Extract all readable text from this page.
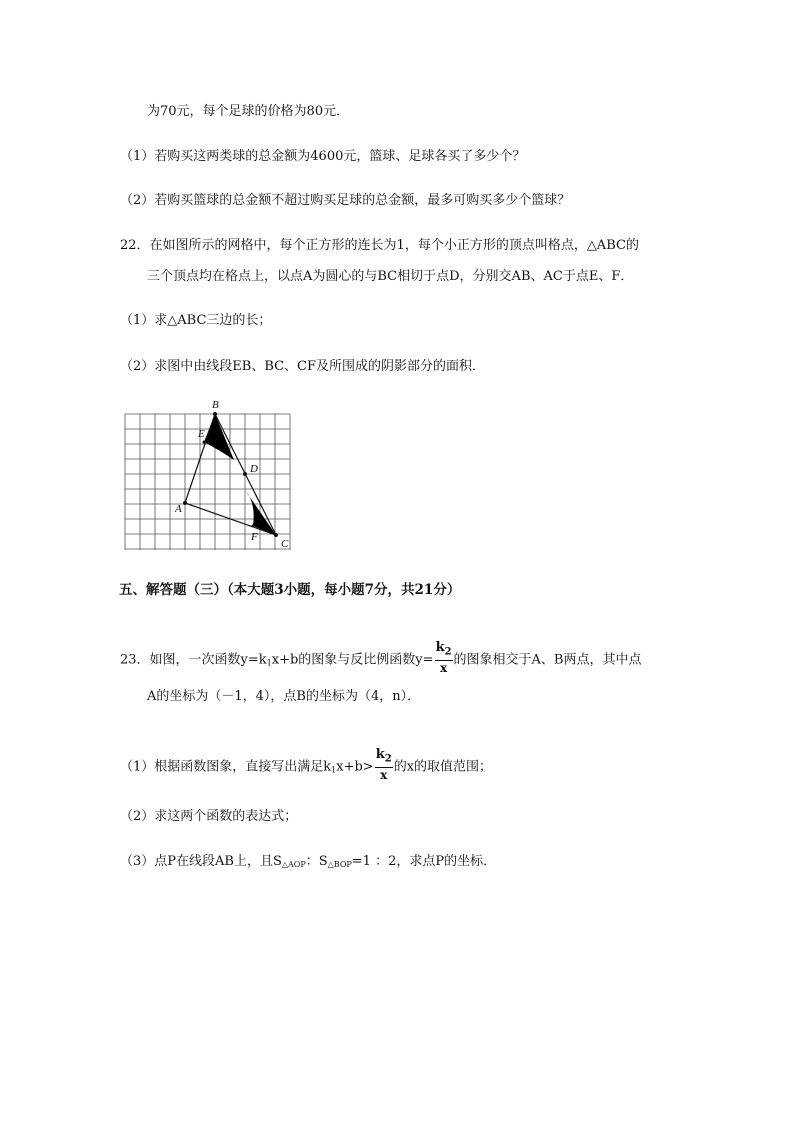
为70元，每个足球的价格为80元．
（1）若购买这两类球的总金额为4600元，篮球、足球各买了多少个？
（2）若购买篮球的总金额不超过购买足球的总金额，最多可购买多少个篮球？
22．在如图所示的网格中，每个正方形的连长为1，每个小正方形的顶点叫格点，△ABC的
三个顶点均在格点上，以点A为圆心的与BC相切于点D，分别交AB、AC于点E、F．
（1）求△ABC三边的长；
（2）求图中由线段EB、BC、CF及所围成的阴影部分的面积．
B
E
D
A
F
C
五、解答题（三）（本大题3小题，每小题7分，共21分）
23．如图，一次函数$y=k_1x+b$的图象与反比例函数$y= \frac{k_2}{x}$ 的图象相交于A、B两点，其中点
A的坐标为（－1，4），点B的坐标为（4，n）．
（1）根据函数图象，直接写出满足$k_1x+b> \frac{k_2}{x}$ 的x的取值范围；
（2）求这两个函数的表达式；
（3）点P在线段AB上，且$S_{\triangle AOP}$：$S_{\triangle BOP}=1$ ：2，求点P的坐标．
